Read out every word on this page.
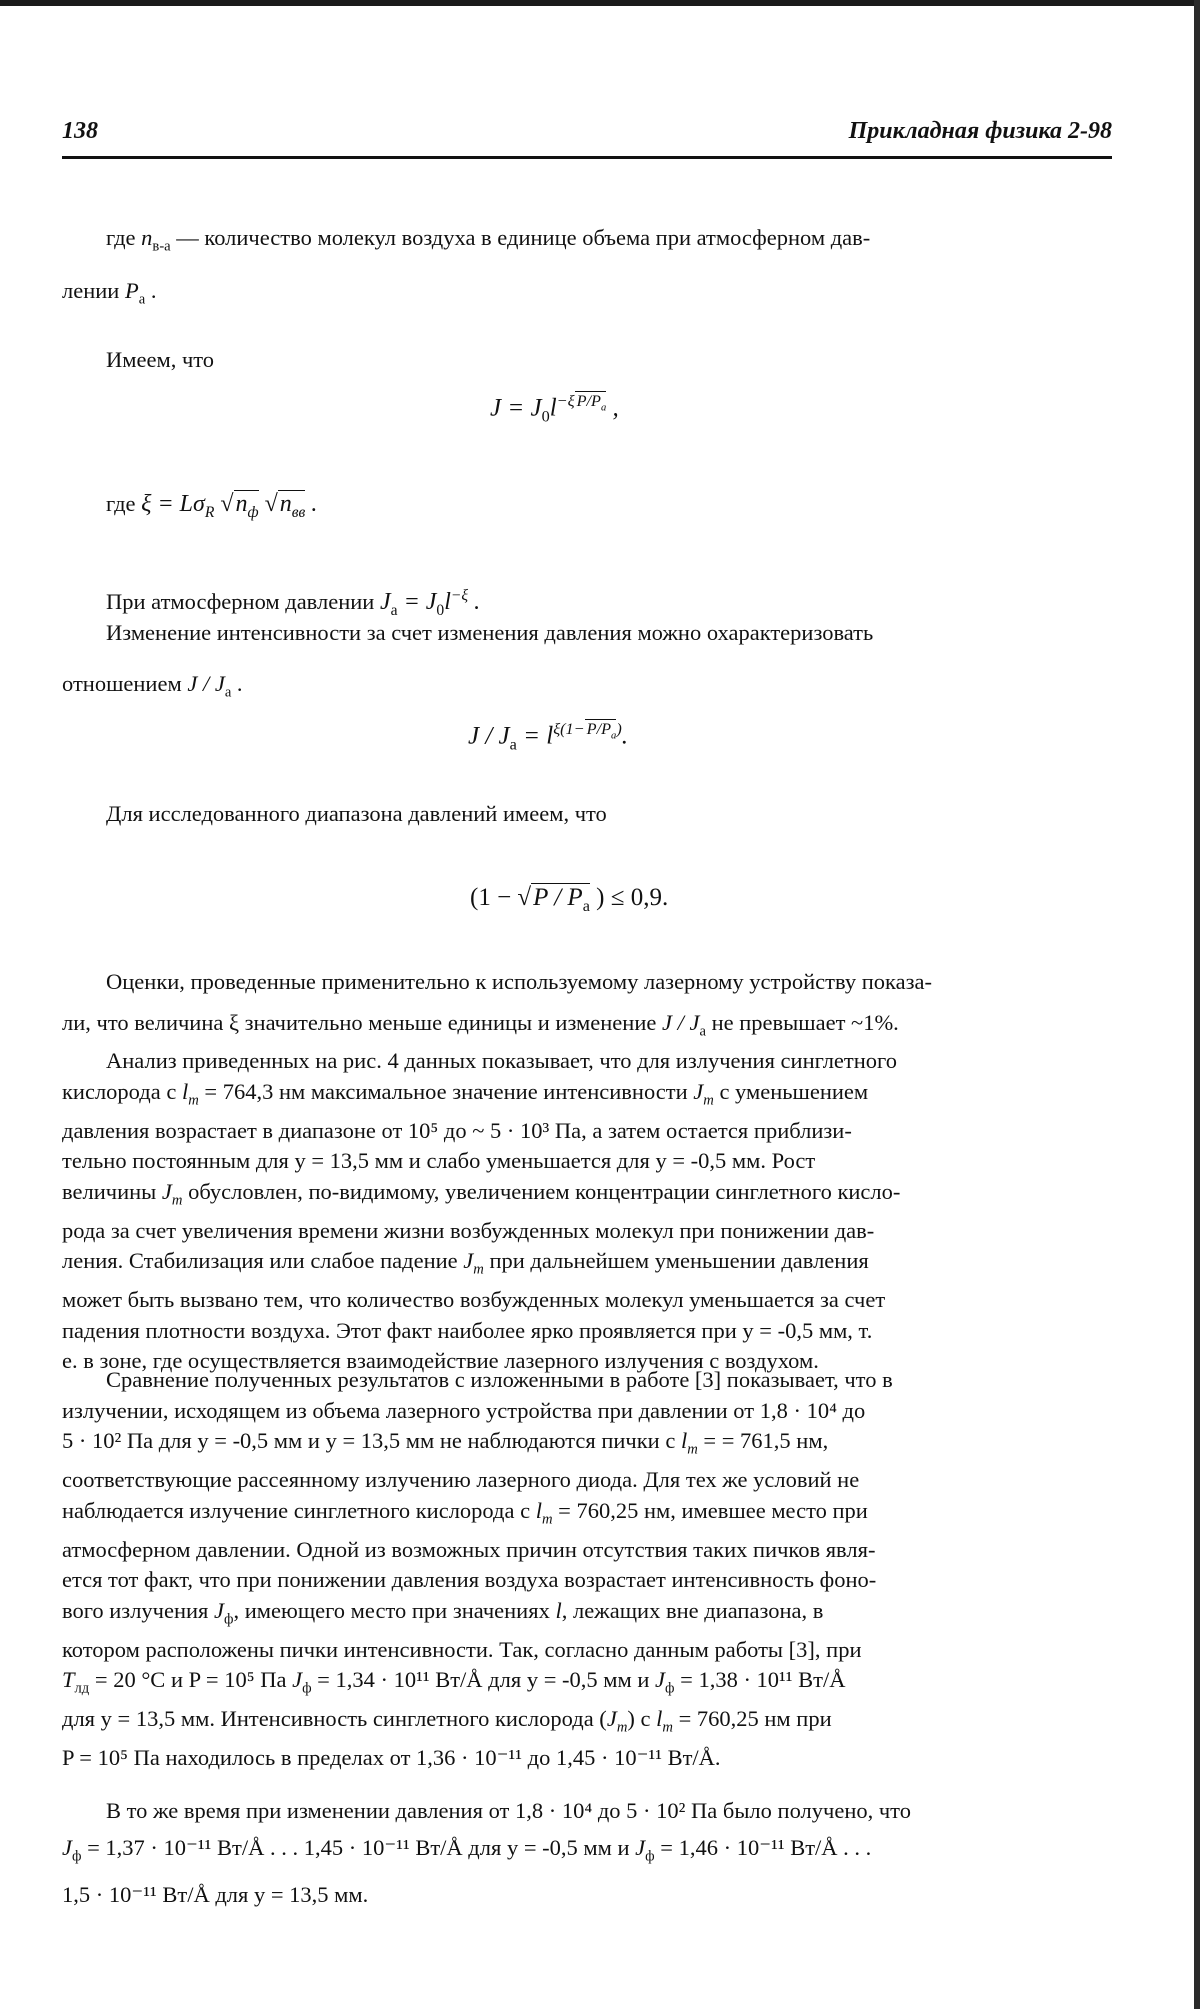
138	Прикладная физика 2-98

где $n_{в-а}$ — количество молекул воздуха в единице объема при атмосферном дав-

лении $P_а$ .

Имеем, что

$J = J_0l^{-\xi P/P_а}$ ,

где $\xi = L\sigma_R$ $√n_ф$ $√n_{вв}$ .

При атмосферном давлении $J_а = J_0l^{-\xi}$ .

Изменение интенсивности за счет изменения давления можно охарактеризовать

отношением J / $J_а$ .

$J / J_а = l^{\xi(1- P/P_а)}$.

Для исследованного диапазона давлений имеем, что

($1 - √P / P_а$ ) ≤ 0,9.

Оценки, проведенные применительно к используемому лазерному устройству показа-

ли, что величина ξ значительно меньше единицы и изменение J / $J_а$ не превышает ~1%.

Анализ приведенных на рис. 4 данных показывает, что для излучения синглетного
кислорода с $l_m = 764,3$ нм максимальное значение интенсивности $J_m$ с уменьшением
давления возрастает в диапазоне от 10⁵ до ~ 5 · 10³ Па, а затем остается приблизи-
тельно постоянным для y = 13,5 мм и слабо уменьшается для y = -0,5 мм. Рост
величины $J_m$ обусловлен, по-видимому, увеличением концентрации синглетного кисло-
рода за счет увеличения времени жизни возбужденных молекул при понижении дав-
ления. Стабилизация или слабое падение $J_m$ при дальнейшем уменьшении давления
может быть вызвано тем, что количество возбужденных молекул уменьшается за счет
падения плотности воздуха. Этот факт наиболее ярко проявляется при y = -0,5 мм, т.
е. в зоне, где осуществляется взаимодействие лазерного излучения с воздухом.
Сравнение полученных результатов с изложенными в работе [3] показывает, что в
излучении, исходящем из объема лазерного устройства при давлении от 1,8 · 10⁴ до
5 · 10² Па для y = -0,5 мм и y = 13,5 мм не наблюдаются пички с $l_m$ = = 761,5 нм,
соответствующие рассеянному излучению лазерного диода. Для тех же условий не
наблюдается излучение синглетного кислорода с $l_m = 760,25$ нм, имевшее место при
атмосферном давлении. Одной из возможных причин отсутствия таких пичков явля-
ется тот факт, что при понижении давления воздуха возрастает интенсивность фоно-
вого излучения $J_ф$, имеющего место при значениях l, лежащих вне диапазона, в
котором расположены пички интенсивности. Так, согласно данным работы [3], при
$T_{лд} = 20$ °C и P = 10⁵ Па $J_ф = 1,34 \cdot 10^{11}$ Вт/Å для y = -0,5 мм и $J_ф = 1,38 \cdot 10^{11}$ Вт/Å
для y = 13,5 мм. Интенсивность синглетного кислорода $(J_m)$ с $l_m = 760,25$ нм при
P = 10⁵ Па находилось в пределах от 1,36 · 10⁻¹¹ до 1,45 · 10⁻¹¹ Вт/Å.
В то же время при изменении давления от 1,8 · 10⁴ до 5 · 10² Па было получено, что
$J_ф = 1,37 \cdot 10^{-11}$ Вт/Å . . . 1,45 · 10⁻¹¹ Вт/Å для y = -0,5 мм и $J_ф = 1,46 \cdot 10^{-11}$ Вт/Å . . .
1,5 · 10⁻¹¹ Вт/Å для y = 13,5 мм.
